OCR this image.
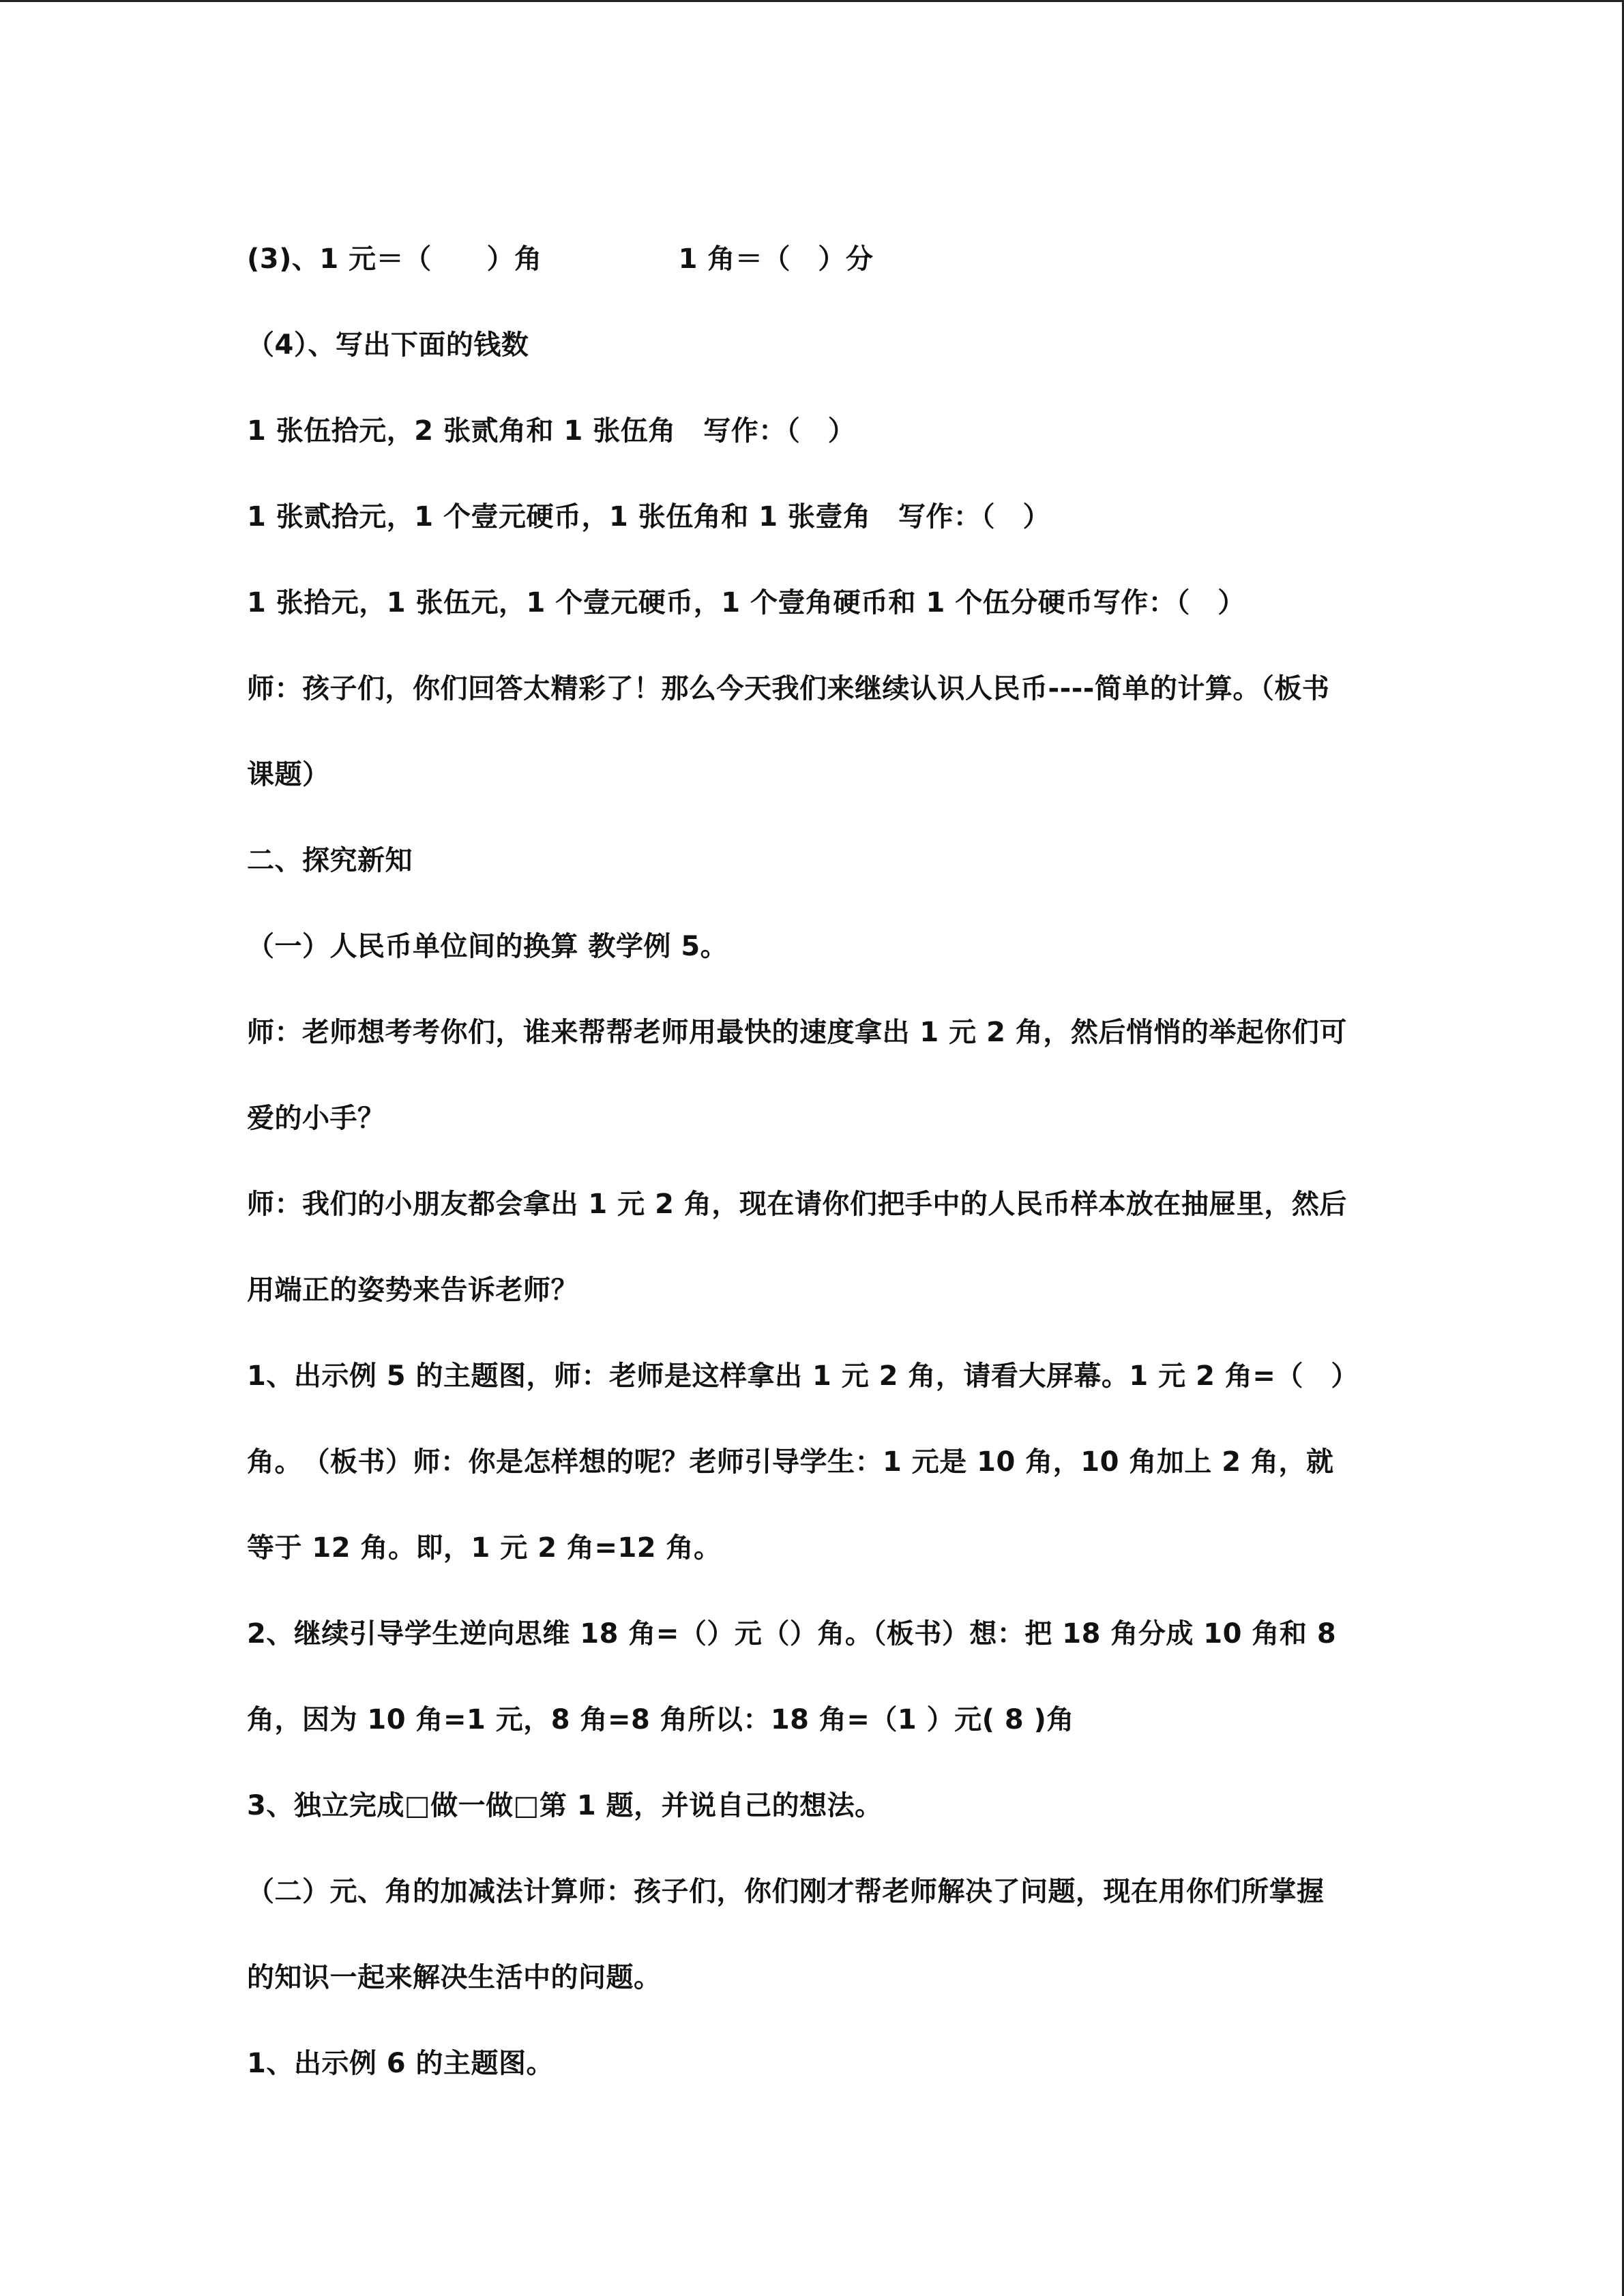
(3)、1 元＝（　　）角	1 角＝（　）分
（4）、写出下面的钱数
1 张伍拾元，2 张贰角和 1 张伍角　写作：（　）
1 张贰拾元，1 个壹元硬币，1 张伍角和 1 张壹角　写作：（　）
1 张拾元，1 张伍元，1 个壹元硬币，1 个壹角硬币和 1 个伍分硬币写作：（　）
师：孩子们，你们回答太精彩了！那么今天我们来继续认识人民币----简单的计算。（板书
课题）
二、探究新知
（一）人民币单位间的换算 教学例 5。
师：老师想考考你们，谁来帮帮老师用最快的速度拿出 1 元 2 角，然后悄悄的举起你们可
爱的小手？
师：我们的小朋友都会拿出 1 元 2 角，现在请你们把手中的人民币样本放在抽屉里，然后
用端正的姿势来告诉老师？
1、出示例 5 的主题图，师：老师是这样拿出 1 元 2 角，请看大屏幕。1 元 2 角=（　）
角。　（板书）师：你是怎样想的呢？老师引导学生：1 元是 10 角，10 角加上 2 角，就
等于 12 角。即，1 元 2 角=12 角。
2、继续引导学生逆向思维 18 角=（）元（）角。（板书）想：把 18 角分成 10 角和 8
角，因为 10 角=1 元，8 角=8 角所以：18 角=（1 ）元( 8 )角
3、独立完成□做一做□第 1 题，并说自己的想法。
（二）元、角的加减法计算师：孩子们，你们刚才帮老师解决了问题，现在用你们所掌握
的知识一起来解决生活中的问题。
1、出示例 6 的主题图。
